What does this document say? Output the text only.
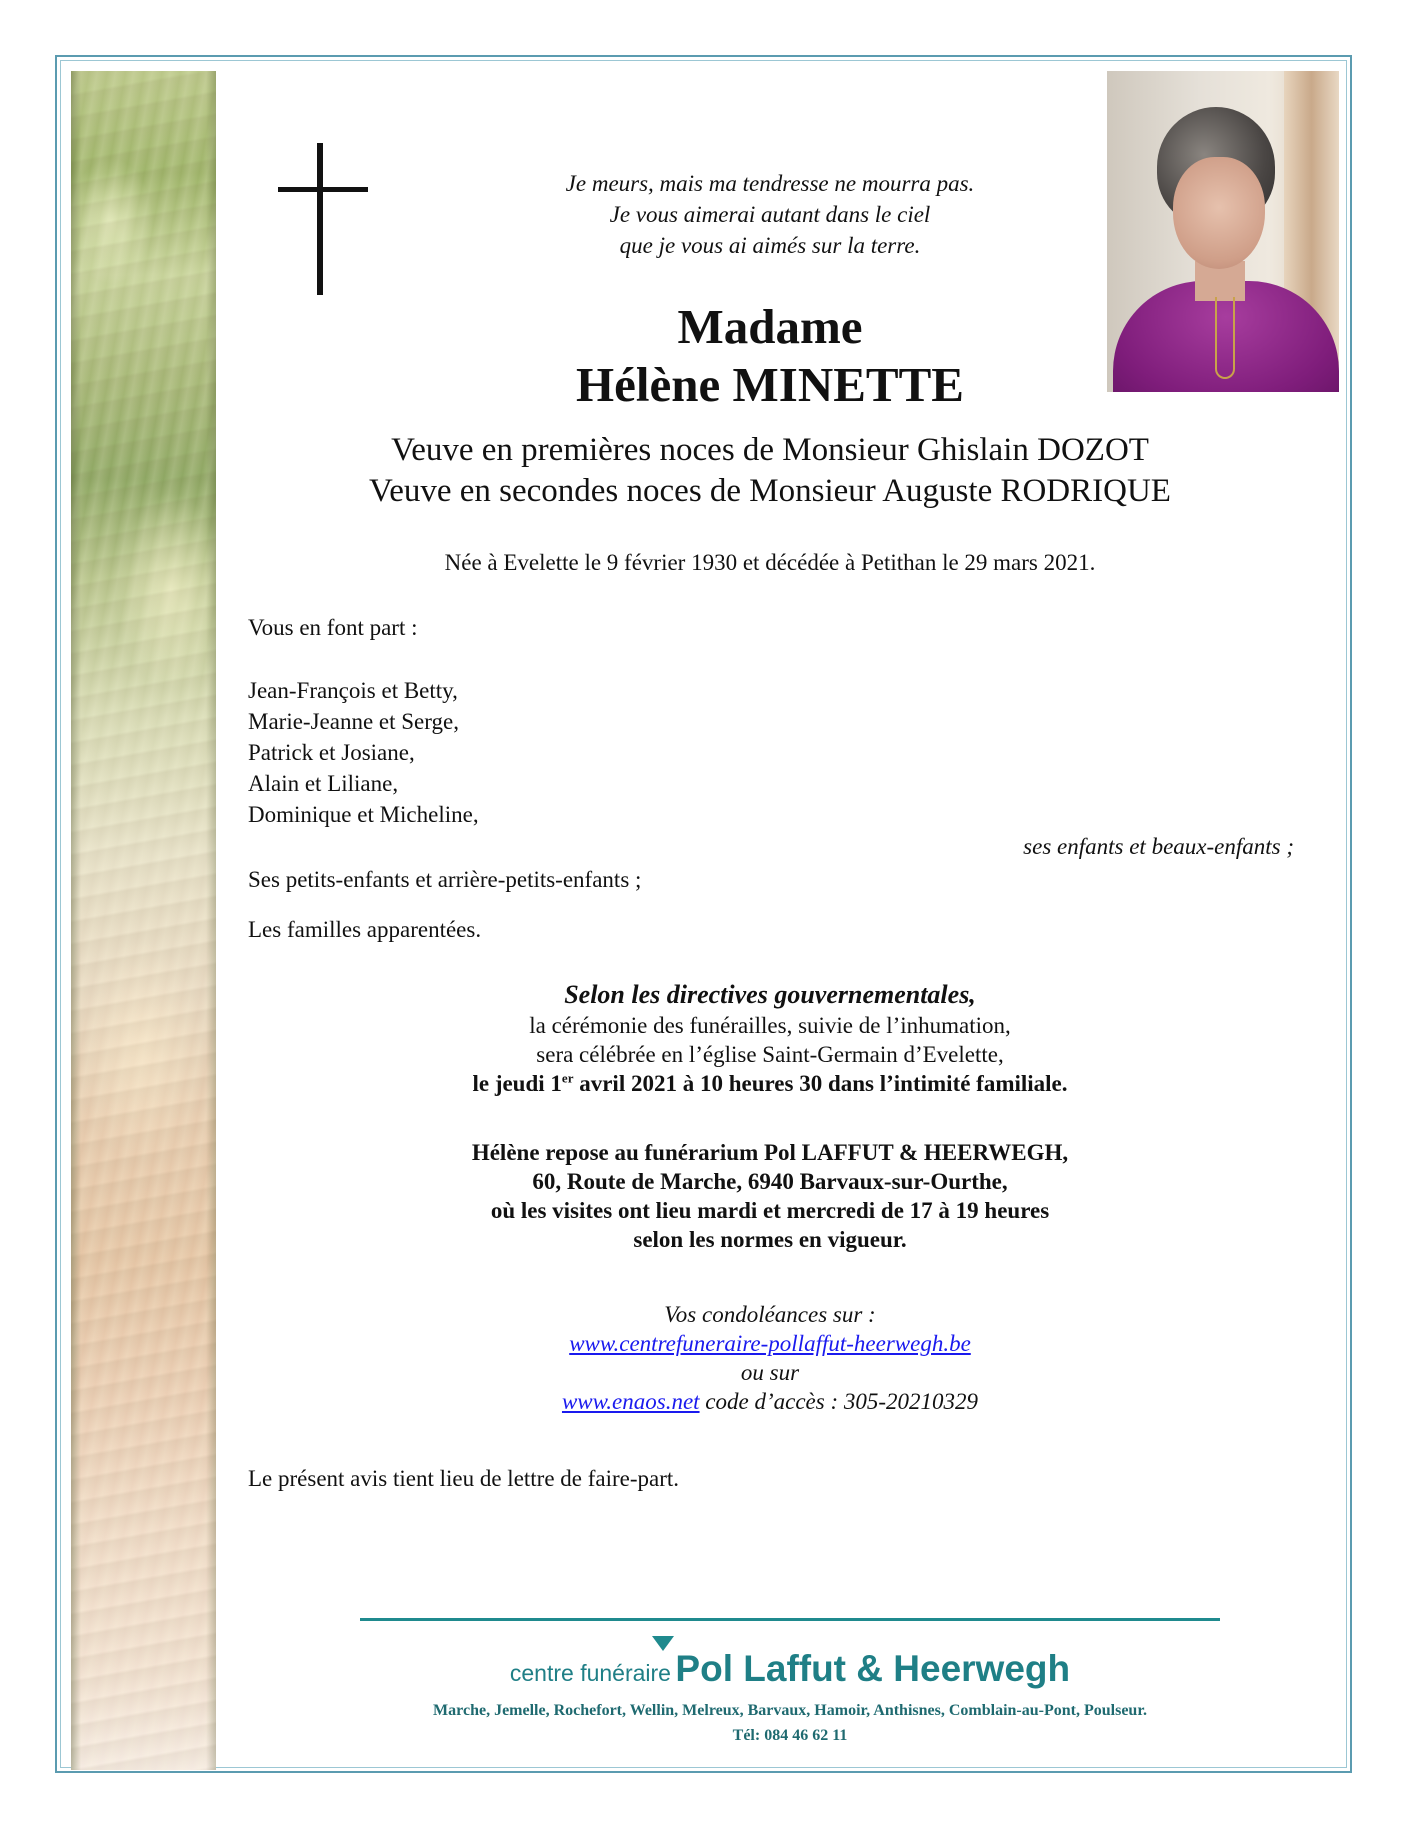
Je meurs, mais ma tendresse ne mourra pas.
Je vous aimerai autant dans le ciel
que je vous ai aimés sur la terre.
Madame
Hélène MINETTE
Veuve en premières noces de Monsieur Ghislain DOZOT
Veuve en secondes noces de Monsieur Auguste RODRIQUE
Née à Evelette le 9 février 1930 et décédée à Petithan le 29 mars 2021.
Vous en font part :
Jean-François et Betty,
Marie-Jeanne et Serge,
Patrick et Josiane,
Alain et Liliane,
Dominique et Micheline,
ses enfants et beaux-enfants ;
Ses petits-enfants et arrière-petits-enfants ;
Les familles apparentées.
Selon les directives gouvernementales,
la cérémonie des funérailles, suivie de l’inhumation,
sera célébrée en l’église Saint-Germain d’Evelette,
le jeudi 1er avril 2021 à 10 heures 30 dans l’intimité familiale.
Hélène repose au funérarium Pol LAFFUT & HEERWEGH,
60, Route de Marche, 6940 Barvaux-sur-Ourthe,
où les visites ont lieu mardi et mercredi de 17 à 19 heures
selon les normes en vigueur.
Vos condoléances sur :
www.centrefuneraire-pollaffut-heerwegh.be
ou sur
www.enaos.net code d’accès : 305-20210329
Le présent avis tient lieu de lettre de faire-part.
centre funéraire Pol Laffut & Heerwegh
Marche, Jemelle, Rochefort, Wellin, Melreux, Barvaux, Hamoir, Anthisnes, Comblain-au-Pont, Poulseur.
Tél: 084 46 62 11
